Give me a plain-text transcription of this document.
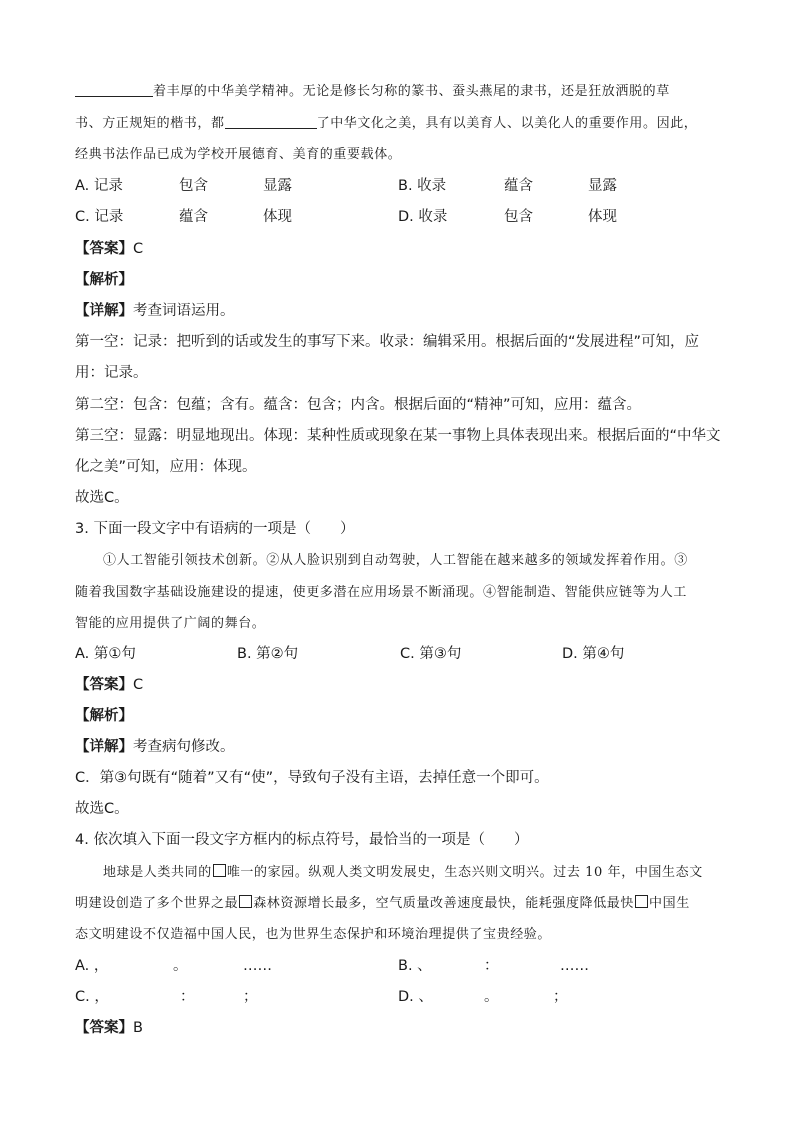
着丰厚的中华美学精神。无论是修长匀称的篆书、蚕头燕尾的隶书，还是狂放洒脱的草
书、方正规矩的楷书，都	了中华文化之美，具有以美育人、以美化人的重要作用。因此，
经典书法作品已成为学校开展德育、美育的重要载体。
A. 记录	包含	显露	B. 收录	蕴含	显露
C. 记录	蕴含	体现	D. 收录	包含	体现
【答案】C
【解析】
【详解】考查词语运用。
第一空：记录：把听到的话或发生的事写下来。收录：编辑采用。根据后面的“发展进程”可知，应
用：记录。
第二空：包含：包蕴；含有。蕴含：包含；内含。根据后面的“精神”可知，应用：蕴含。
第三空：显露：明显地现出。体现：某种性质或现象在某一事物上具体表现出来。根据后面的“中华文
化之美”可知，应用：体现。
故选C。
3. 下面一段文字中有语病的一项是（　　）
①人工智能引领技术创新。②从人脸识别到自动驾驶，人工智能在越来越多的领域发挥着作用。③
随着我国数字基础设施建设的提速，使更多潜在应用场景不断涌现。④智能制造、智能供应链等为人工
智能的应用提供了广阔的舞台。
A. 第①句	B. 第②句	C. 第③句	D. 第④句
【答案】C
【解析】
【详解】考查病句修改。
C．第③句既有“随着”又有“使”，导致句子没有主语，去掉任意一个即可。
故选C。
4. 依次填入下面一段文字方框内的标点符号，最恰当的一项是（　　）
地球是人类共同的 唯一的家园。纵观人类文明发展史，生态兴则文明兴。过去 10 年，中国生态文
明建设创造了多个世界之最 森林资源增长最多，空气质量改善速度最快，能耗强度降低最快 中国生
态文明建设不仅造福中国人民，也为世界生态保护和环境治理提供了宝贵经验。
A. ，	。	……	B. 、	：	……
C. ，	：	；	D. 、	。	；
【答案】B
